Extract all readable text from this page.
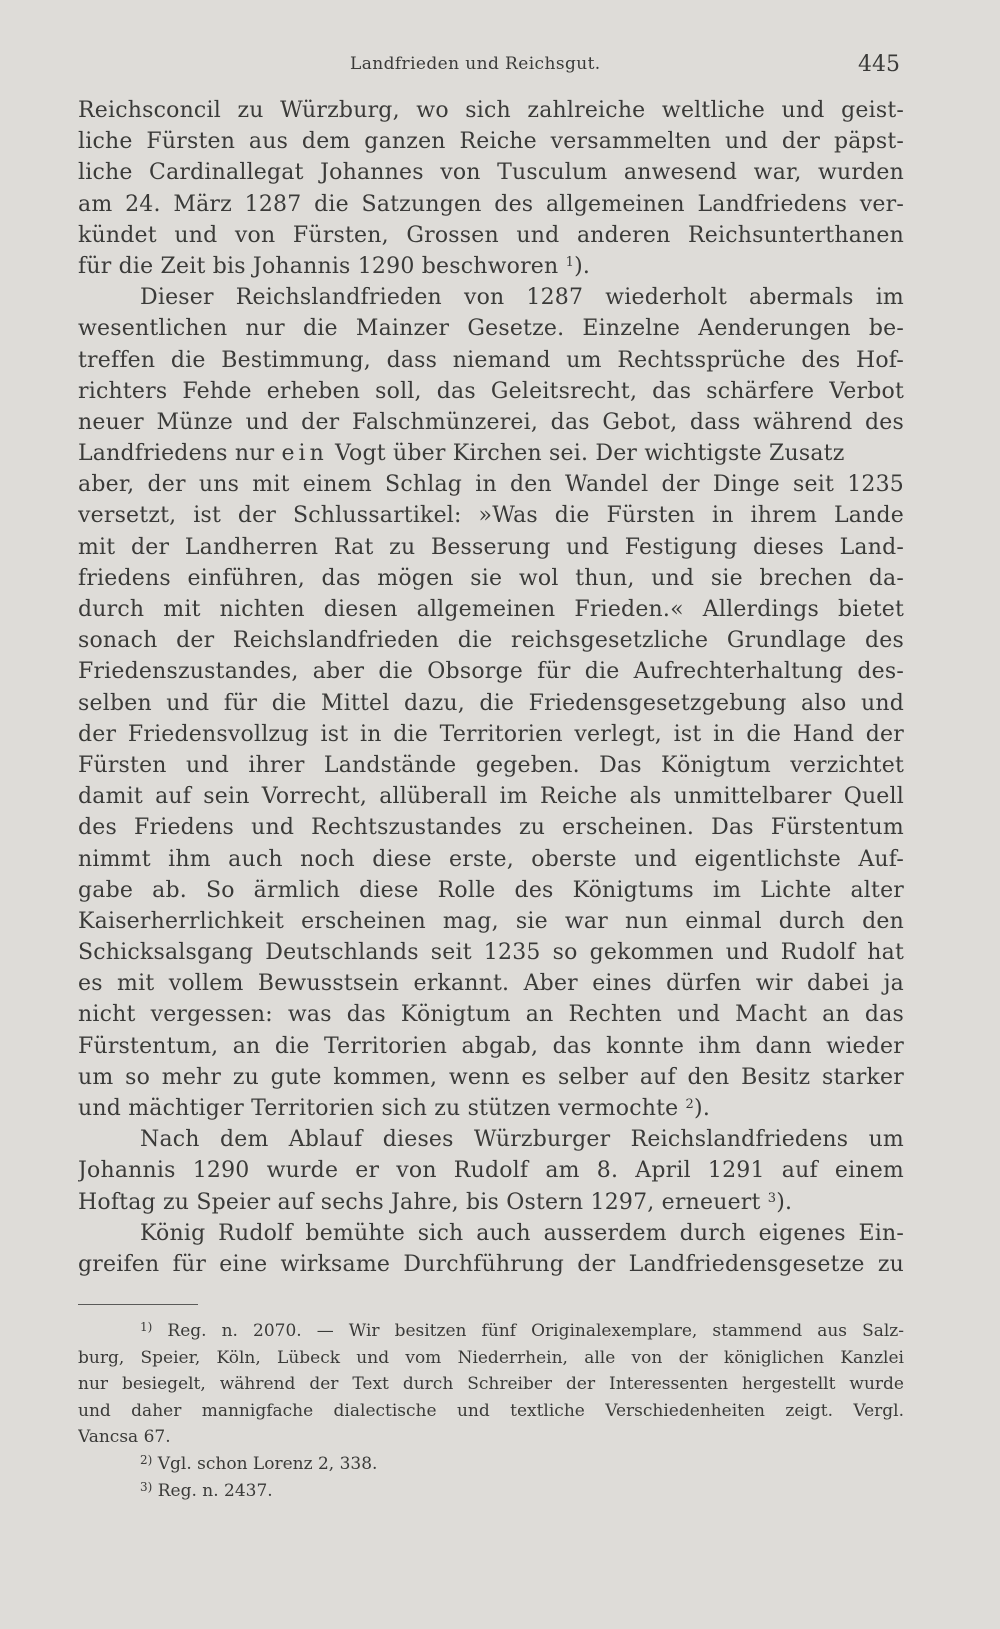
Landfrieden und Reichsgut.	445
Reichsconcil zu Würzburg, wo sich zahlreiche weltliche und geist-
liche Fürsten aus dem ganzen Reiche versammelten und der päpst-
liche Cardinallegat Johannes von Tusculum anwesend war, wurden
am 24. März 1287 die Satzungen des allgemeinen Landfriedens ver-
kündet und von Fürsten, Grossen und anderen Reichsunterthanen
für die Zeit bis Johannis 1290 beschworen $^1$).
Dieser Reichslandfrieden von 1287 wiederholt abermals im
wesentlichen nur die Mainzer Gesetze. Einzelne Aenderungen be-
treffen die Bestimmung, dass niemand um Rechtssprüche des Hof-
richters Fehde erheben soll, das Geleitsrecht, das schärfere Verbot
neuer Münze und der Falschmünzerei, das Gebot, dass während des
Landfriedens nur ein Vogt über Kirchen sei. Der wichtigste Zusatz
aber, der uns mit einem Schlag in den Wandel der Dinge seit 1235
versetzt, ist der Schlussartikel: »Was die Fürsten in ihrem Lande
mit der Landherren Rat zu Besserung und Festigung dieses Land-
friedens einführen, das mögen sie wol thun, und sie brechen da-
durch mit nichten diesen allgemeinen Frieden.« Allerdings bietet
sonach der Reichslandfrieden die reichsgesetzliche Grundlage des
Friedenszustandes, aber die Obsorge für die Aufrechterhaltung des-
selben und für die Mittel dazu, die Friedensgesetzgebung also und
der Friedensvollzug ist in die Territorien verlegt, ist in die Hand der
Fürsten und ihrer Landstände gegeben. Das Königtum verzichtet
damit auf sein Vorrecht, allüberall im Reiche als unmittelbarer Quell
des Friedens und Rechtszustandes zu erscheinen. Das Fürstentum
nimmt ihm auch noch diese erste, oberste und eigentlichste Auf-
gabe ab. So ärmlich diese Rolle des Königtums im Lichte alter
Kaiserherrlichkeit erscheinen mag, sie war nun einmal durch den
Schicksalsgang Deutschlands seit 1235 so gekommen und Rudolf hat
es mit vollem Bewusstsein erkannt. Aber eines dürfen wir dabei ja
nicht vergessen: was das Königtum an Rechten und Macht an das
Fürstentum, an die Territorien abgab, das konnte ihm dann wieder
um so mehr zu gute kommen, wenn es selber auf den Besitz starker
und mächtiger Territorien sich zu stützen vermochte $^2$).
Nach dem Ablauf dieses Würzburger Reichslandfriedens um
Johannis 1290 wurde er von Rudolf am 8. April 1291 auf einem
Hoftag zu Speier auf sechs Jahre, bis Ostern 1297, erneuert $^3$).
König Rudolf bemühte sich auch ausserdem durch eigenes Ein-
greifen für eine wirksame Durchführung der Landfriedensgesetze zu
$^{1)}$ Reg. n. 2070. — Wir besitzen fünf Originalexemplare, stammend aus Salz-
burg, Speier, Köln, Lübeck und vom Niederrhein, alle von der königlichen Kanzlei
nur besiegelt, während der Text durch Schreiber der Interessenten hergestellt wurde
und daher mannigfache dialectische und textliche Verschiedenheiten zeigt. Vergl.
Vancsa 67.
$^{2)}$ Vgl. schon Lorenz 2, 338.
$^{3)}$ Reg. n. 2437.
